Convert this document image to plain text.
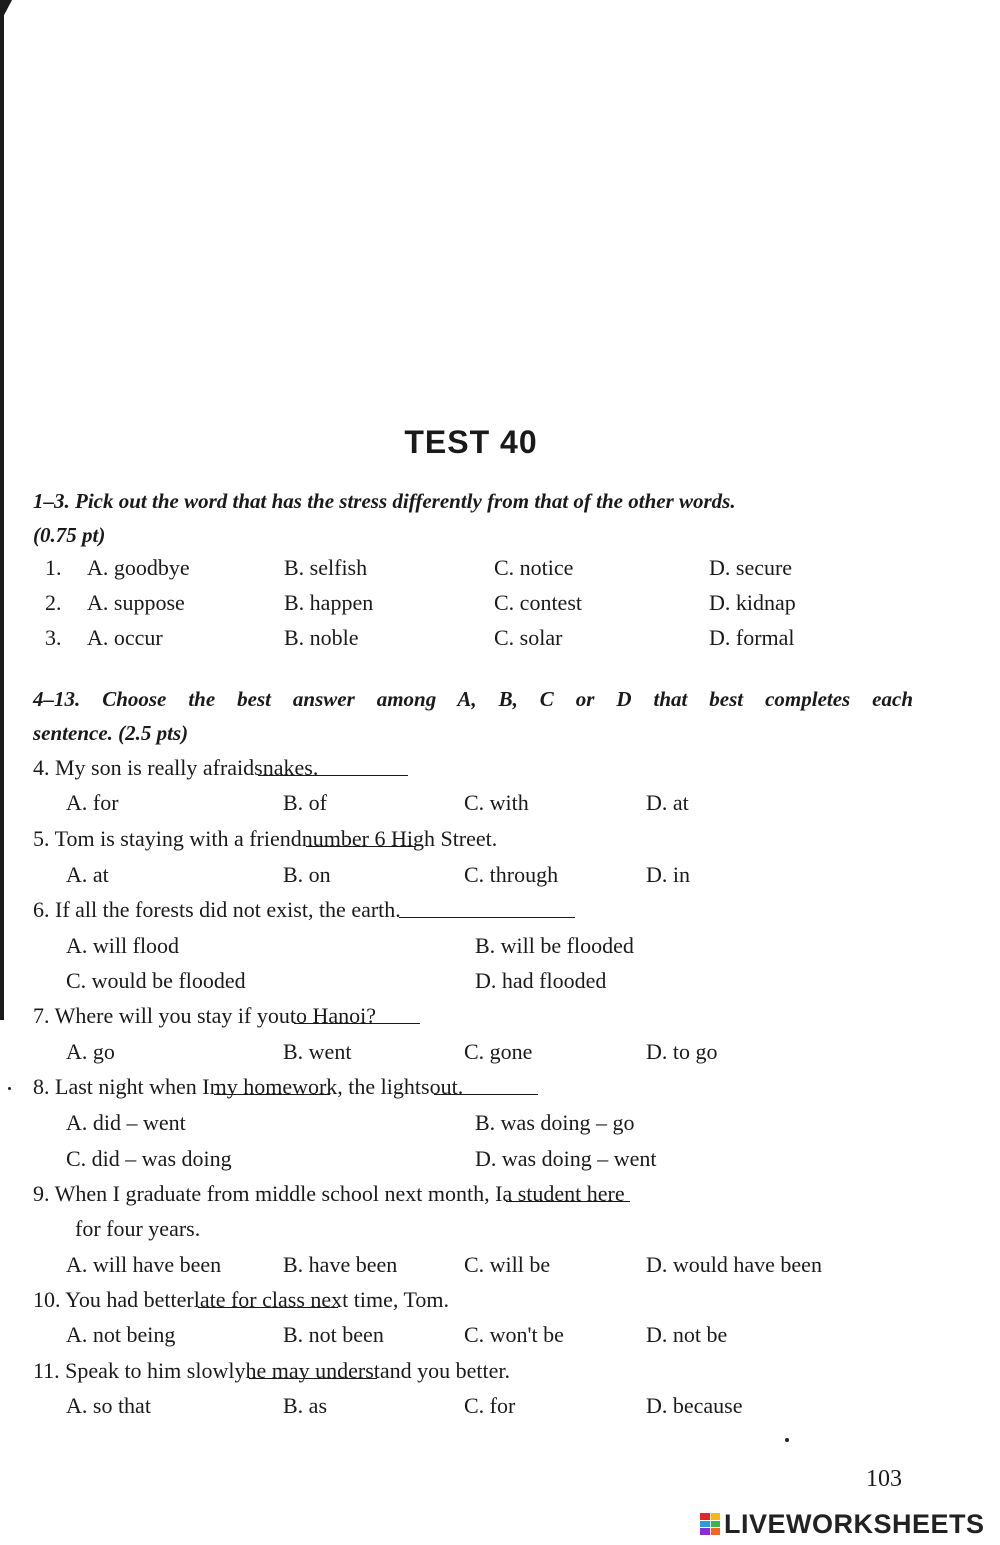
TEST 40
1–3. Pick out the word that has the stress differently from that of the other words.
(0.75 pt)
1. A. goodbye	B. selfish	C. notice	D. secure
2. A. suppose	B. happen	C. contest	D. kidnap
3. A. occur	B. noble	C. solar	D. formal
4–13. Choose the best answer among A, B, C or D that best completes each
sentence. (2.5 pts)
4. My son is really afraid
snakes.
A. for	B. of	C. with	D. at
5. Tom is staying with a friend
number 6 High Street.
A. at	B. on	C. through	D. in
6. If all the forests did not exist, the earth
.
A. will flood	B. will be flooded
C. would be flooded	D. had flooded
7. Where will you stay if you
to Hanoi?
A. go	B. went	C. gone	D. to go
8. Last night when I
my homework, the lights
out.
A. did – went	B. was doing – go
C. did – was doing	D. was doing – went
9. When I graduate from middle school next month, I
a student here
for four years.
A. will have been	B. have been	C. will be	D. would have been
10. You had better
late for class next time, Tom.
A. not being	B. not been	C. won't be	D. not be
11. Speak to him slowly
he may understand you better.
A. so that	B. as	C. for	D. because
103
LIVEWORKSHEETS
